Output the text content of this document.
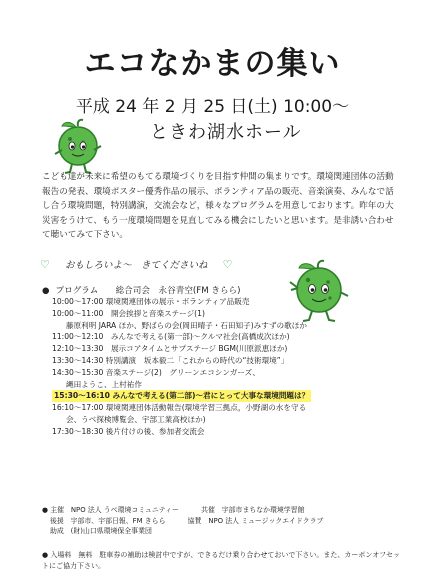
エコなかまの集い
平成 24 年 2 月 25 日(土) 10:00～
ときわ湖水ホール
こども達が未来に希望のもてる環境づくりを目指す仲間の集まりです。環境関連団体の活動報告の発表、環境ポスター優秀作品の展示、ボランティア品の販売、音楽演奏、みんなで話し合う環境問題，特別講演，交流会など，様々なプログラムを用意しております。昨年の大災害をうけて、もう一度環境問題を見直してみる機会にしたいと思います。是非誘い合わせて聴いてみて下さい。
♡ おもしろいよ～　きてくださいね ♡
● プログラム　　総合司会　永谷青空(FM きらら)
10:00～17:00 環境関連団体の展示・ボランティア品販売
10:00～11:00　開会挨拶と音楽ステージ(1)
藤原利明 JARA ほか、野ばらの会(岡田晴子・石田知子)みすずの歌ほか
11:00～12:10　みんなで考える(第一部)～クルマ社会(高橋成次ほか)
12:10～13:30　展示コアタイムとサプステージ BGM(川原派恵ほか)
13:30～14:30 特別講演　坂本毅二「これからの時代の“技術環境”」
14:30～15:30 音楽ステージ(2)　グリーンエコシンガーズ、
縄田ようこ、上村祐作
15:30～16:10 みんなで考える(第二部)～君にとって大事な環境問題は？
16:10～17:00 環境関連団体活動報告(環境学習三拠点，小野湖の水を守る
会、うべ探検博覧会、宇部工業高校ほか)
17:30～18:30 後片付けの後、参加者交流会
● 主催　NPO 法人 うべ環境コミュニティー	共催　宇部市まちなか環境学習館
後援　宇部市、宇部日報、FM きらら	協賛　NPO 法人 ミュージックエイドクラブ
助成　(財)山口県環境保全事業団
● 入場料　無料　駐車券の補助は検討中ですが、できるだけ乗り合わせておいで下さい。また、カーボンオフセットにご協力下さい。
